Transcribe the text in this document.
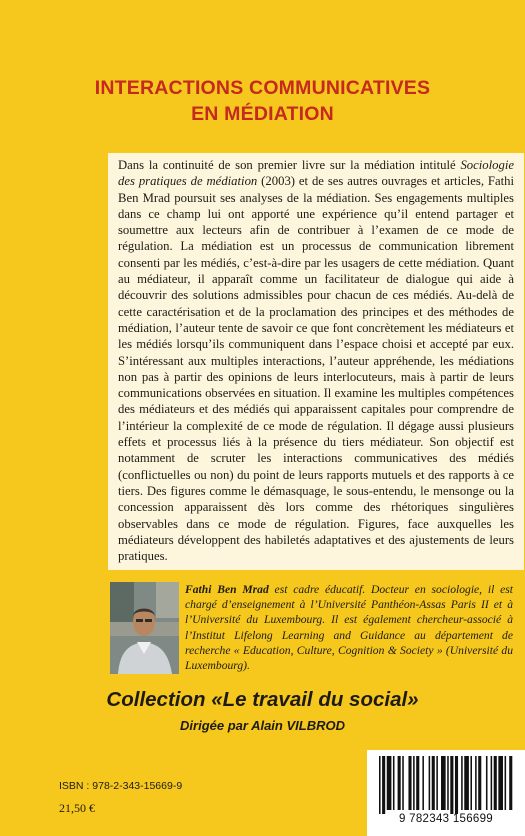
INTERACTIONS COMMUNICATIVES
EN MÉDIATION

Dans la continuité de son premier livre sur la médiation intitulé Sociologie des pratiques de médiation (2003) et de ses autres ouvrages et articles, Fathi Ben Mrad poursuit ses analyses de la médiation. Ses engagements multiples dans ce champ lui ont apporté une expérience qu’il entend partager et soumettre aux lecteurs afin de contribuer à l’examen de ce mode de régulation. La médiation est un processus de communication librement consenti par les médiés, c’est-à-dire par les usagers de cette médiation. Quant au médiateur, il apparaît comme un facilitateur de dialogue qui aide à découvrir des solutions admissibles pour chacun de ces médiés. Au-delà de cette caractérisation et de la proclamation des principes et des méthodes de médiation, l’auteur tente de savoir ce que font concrètement les médiateurs et les médiés lorsqu’ils communiquent dans l’espace choisi et accepté par eux. S’intéressant aux multiples interactions, l’auteur appréhende, les médiations non pas à partir des opinions de leurs interlocuteurs, mais à partir de leurs communications observées en situation. Il examine les multiples compétences des médiateurs et des médiés qui apparaissent capitales pour comprendre de l’intérieur la complexité de ce mode de régulation. Il dégage aussi plusieurs effets et processus liés à la présence du tiers médiateur. Son objectif est notamment de scruter les interactions communicatives des médiés (conflictuelles ou non) du point de leurs rapports mutuels et des rapports à ce tiers. Des figures comme le démasquage, le sous-entendu, le mensonge ou la concession apparaissent dès lors comme des rhétoriques singulières observables dans ce mode de régulation. Figures, face auxquelles les médiateurs développent des habiletés adaptatives et des ajustements de leurs pratiques.

Fathi Ben Mrad est cadre éducatif. Docteur en sociologie, il est chargé d’enseignement à l’Université Panthéon-Assas Paris II et à l’Université du Luxembourg. Il est également chercheur-associé à l’Institut Lifelong Learning and Guidance au département de recherche « Education, Culture, Cognition & Society » (Université du Luxembourg).
Collection «Le travail du social»
Dirigée par Alain VILBROD
ISBN : 978-2-343-15669-9
21,50 €
9 782343 156699
